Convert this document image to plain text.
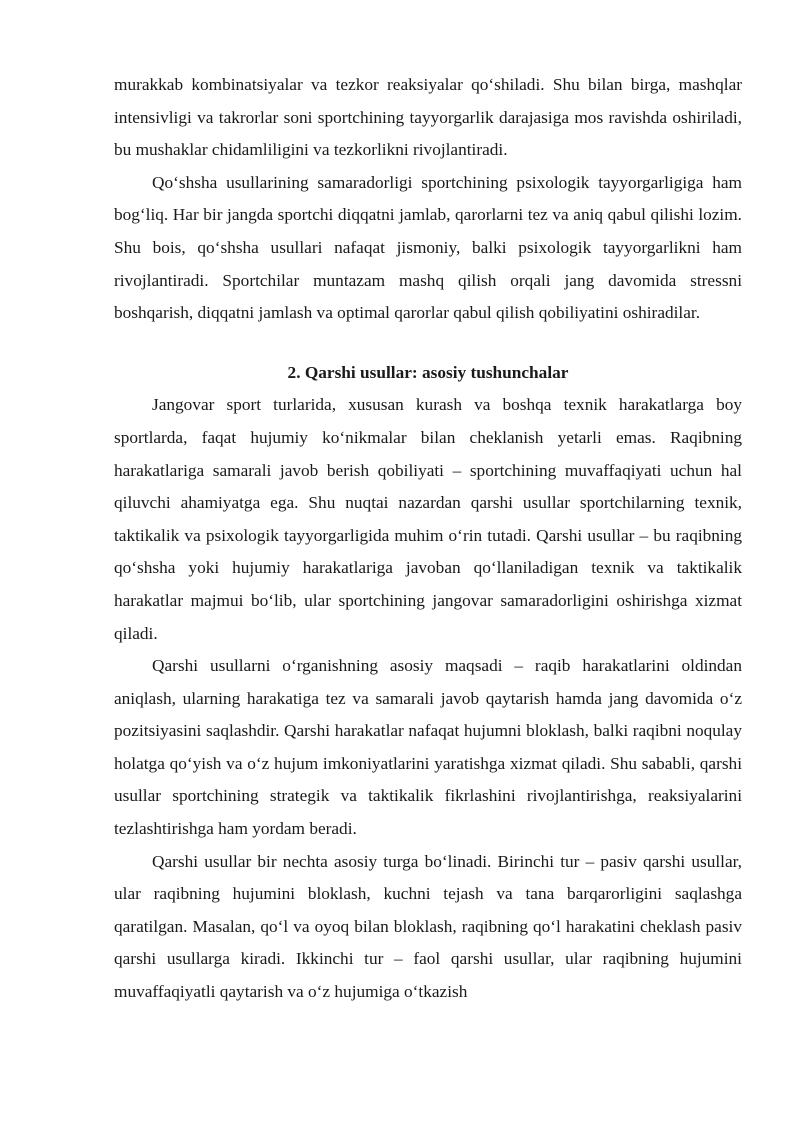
murakkab kombinatsiyalar va tezkor reaksiyalar qo‘shiladi. Shu bilan birga, mashqlar intensivligi va takrorlar soni sportchining tayyorgarlik darajasiga mos ravishda oshiriladi, bu mushaklar chidamliligini va tezkorlikni rivojlantiradi.

Qo‘shsha usullarining samaradorligi sportchining psixologik tayyorgarligiga ham bog‘liq. Har bir jangda sportchi diqqatni jamlab, qarorlarni tez va aniq qabul qilishi lozim. Shu bois, qo‘shsha usullari nafaqat jismoniy, balki psixologik tayyorgarlikni ham rivojlantiradi. Sportchilar muntazam mashq qilish orqali jang davomida stressni boshqarish, diqqatni jamlash va optimal qarorlar qabul qilish qobiliyatini oshiradilar.

2. Qarshi usullar: asosiy tushunchalar

Jangovar sport turlarida, xususan kurash va boshqa texnik harakatlarga boy sportlarda, faqat hujumiy ko‘nikmalar bilan cheklanish yetarli emas. Raqibning harakatlariga samarali javob berish qobiliyati – sportchining muvaffaqiyati uchun hal qiluvchi ahamiyatga ega. Shu nuqtai nazardan qarshi usullar sportchilarning texnik, taktikalik va psixologik tayyorgarligida muhim o‘rin tutadi. Qarshi usullar – bu raqibning qo‘shsha yoki hujumiy harakatlariga javoban qo‘llaniladigan texnik va taktikalik harakatlar majmui bo‘lib, ular sportchining jangovar samaradorligini oshirishga xizmat qiladi.

Qarshi usullarni o‘rganishning asosiy maqsadi – raqib harakatlarini oldindan aniqlash, ularning harakatiga tez va samarali javob qaytarish hamda jang davomida o‘z pozitsiyasini saqlashdir. Qarshi harakatlar nafaqat hujumni bloklash, balki raqibni noqulay holatga qo‘yish va o‘z hujum imkoniyatlarini yaratishga xizmat qiladi. Shu sababli, qarshi usullar sportchining strategik va taktikalik fikrlashini rivojlantirishga, reaksiyalarini tezlashtirishga ham yordam beradi.

Qarshi usullar bir nechta asosiy turga bo‘linadi. Birinchi tur – pasiv qarshi usullar, ular raqibning hujumini bloklash, kuchni tejash va tana barqarorligini saqlashga qaratilgan. Masalan, qo‘l va oyoq bilan bloklash, raqibning qo‘l harakatini cheklash pasiv qarshi usullarga kiradi. Ikkinchi tur – faol qarshi usullar, ular raqibning hujumini muvaffaqiyatli qaytarish va o‘z hujumiga o‘tkazish
